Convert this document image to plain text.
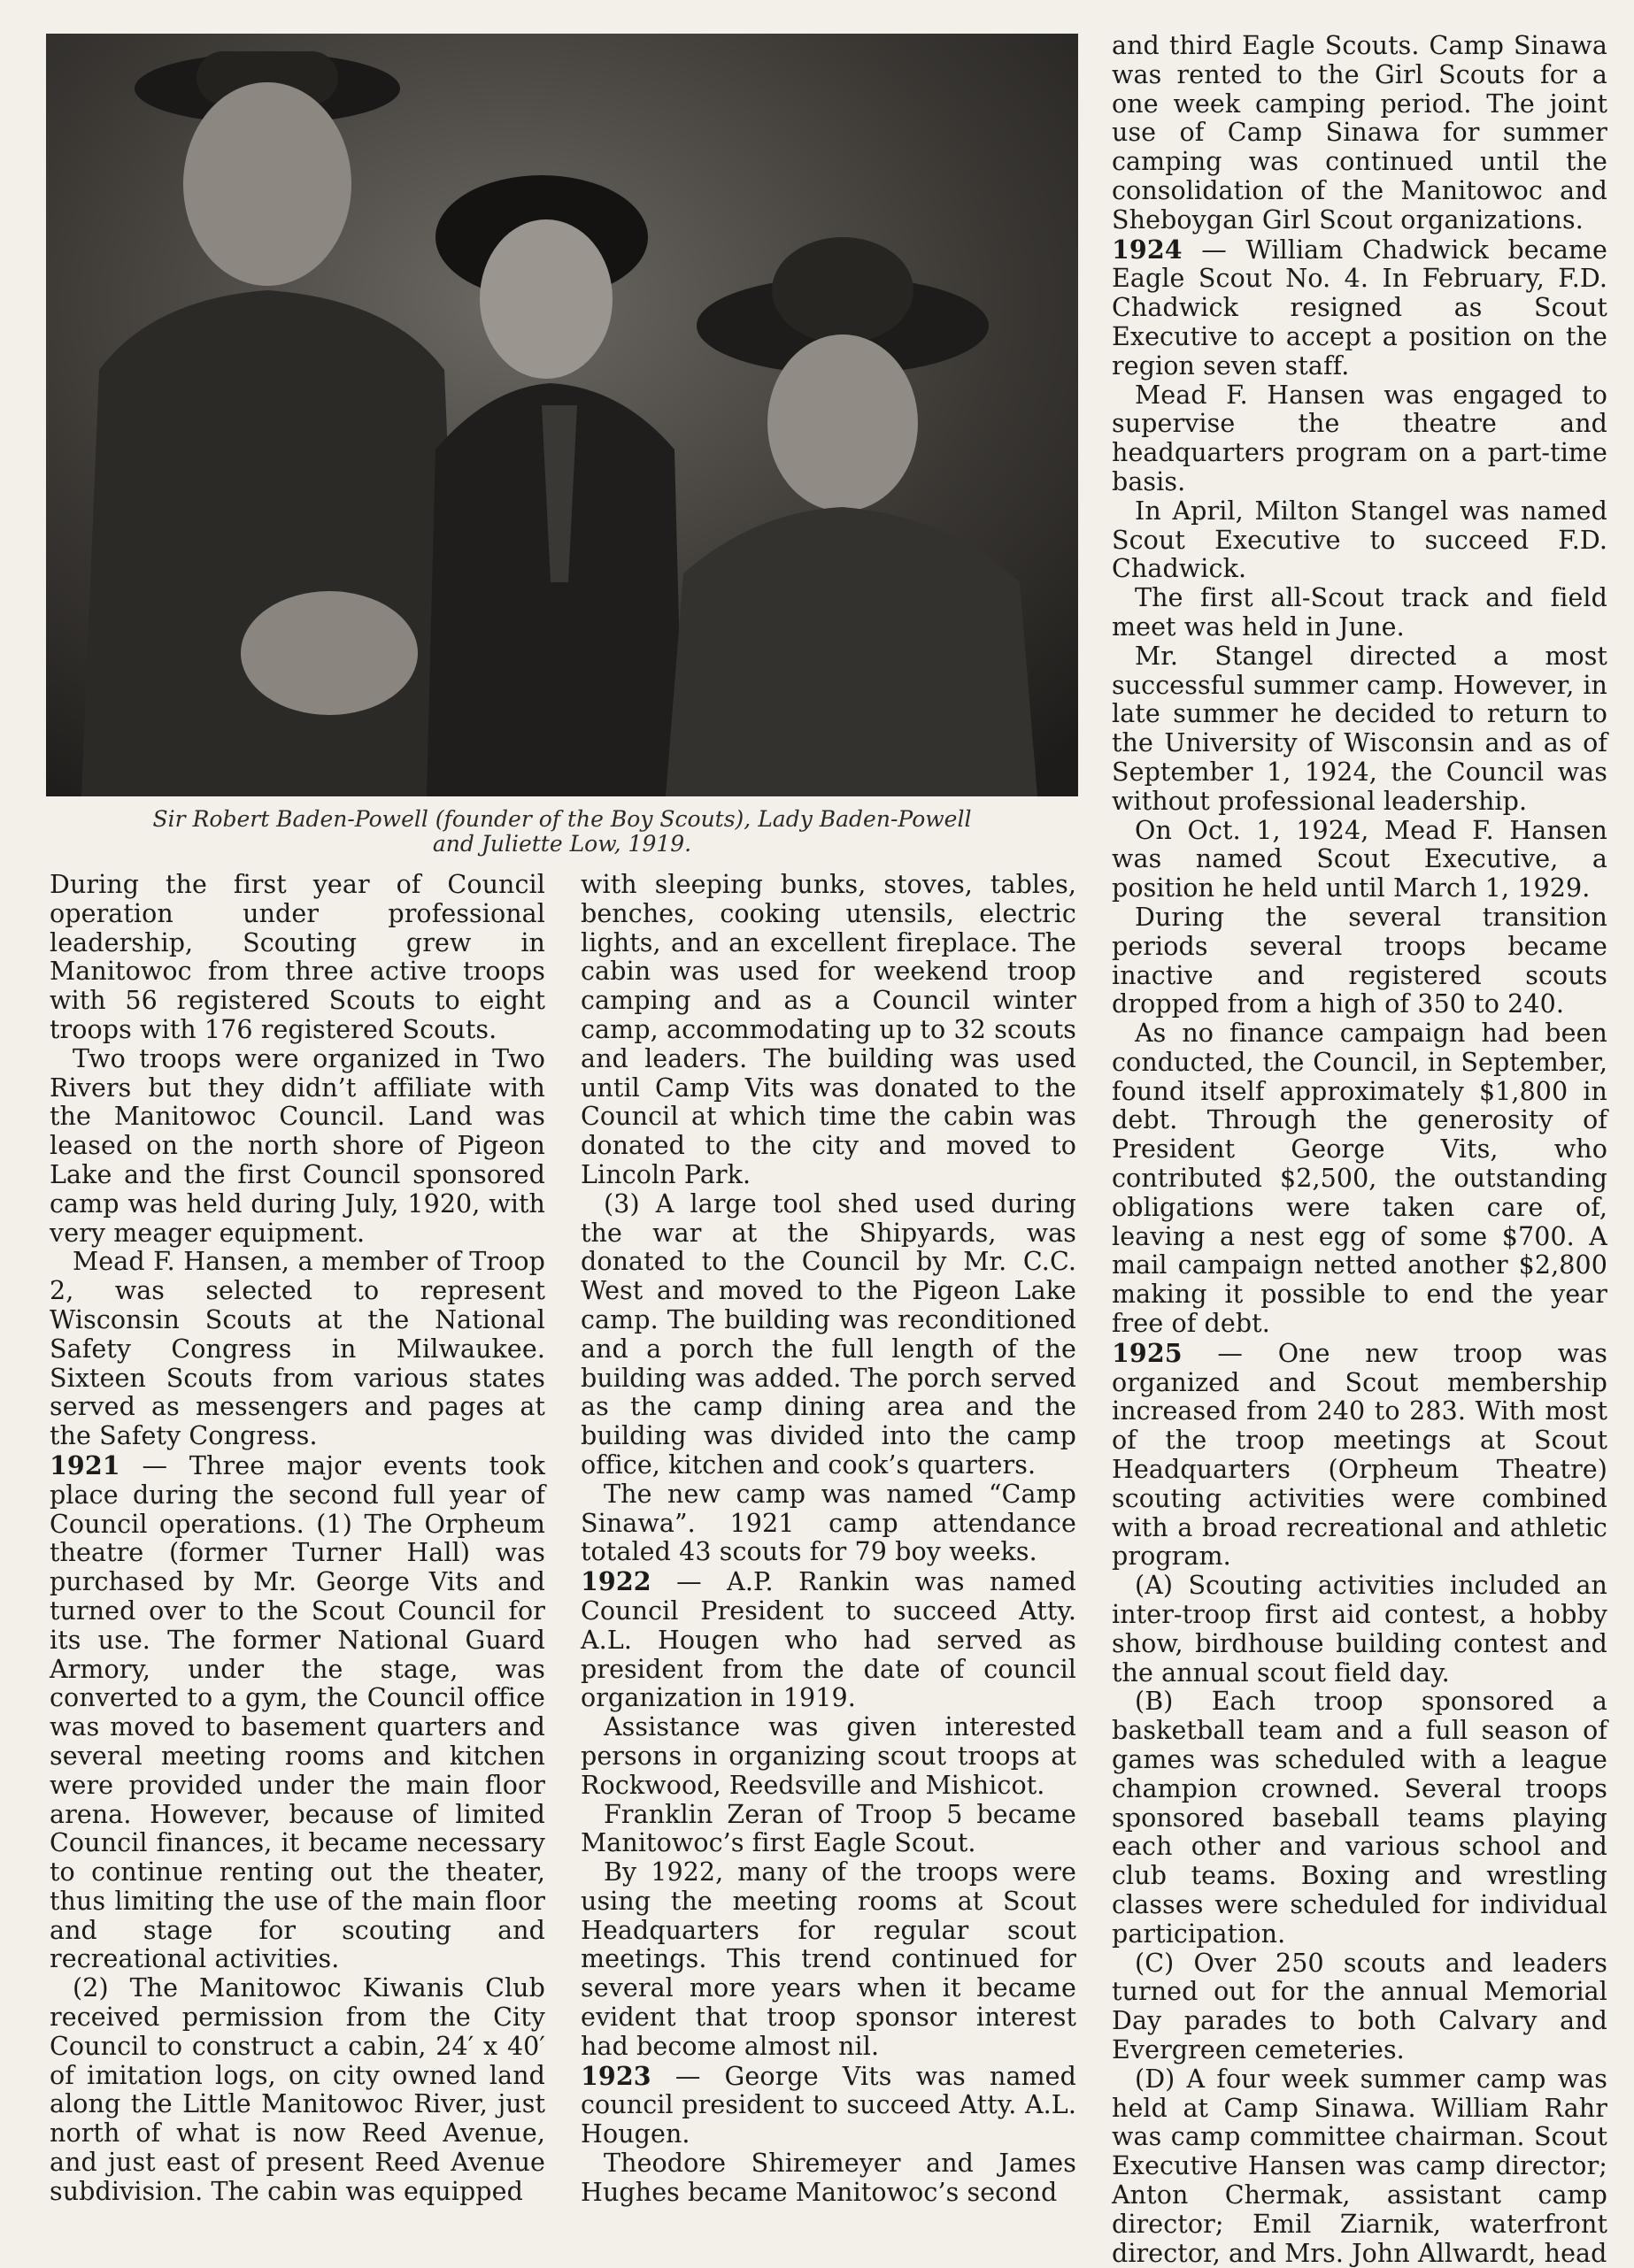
Sir Robert Baden-Powell (founder of the Boy Scouts), Lady Baden-Powell
and Juliette Low, 1919.

During the first year of Council operation under professional leadership, Scouting grew in Manitowoc from three active troops with 56 registered Scouts to eight troops with 176 registered Scouts.

Two troops were organized in Two Rivers but they didn’t affiliate with the Manitowoc Council. Land was leased on the north shore of Pigeon Lake and the first Council sponsored camp was held during July, 1920, with very meager equipment.

Mead F. Hansen, a member of Troop 2, was selected to represent Wisconsin Scouts at the National Safety Congress in Milwaukee. Sixteen Scouts from various states served as messengers and pages at the Safety Congress.

1921 — Three major events took place during the second full year of Council operations. (1) The Orpheum theatre (former Turner Hall) was purchased by Mr. George Vits and turned over to the Scout Council for its use. The former National Guard Armory, under the stage, was converted to a gym, the Council office was moved to basement quarters and several meeting rooms and kitchen were provided under the main floor arena. However, because of limited Council finances, it became necessary to continue renting out the theater, thus limiting the use of the main floor and stage for scouting and recreational activities.

(2) The Manitowoc Kiwanis Club received permission from the City Council to construct a cabin, 24′ x 40′ of imitation logs, on city owned land along the Little Manitowoc River, just north of what is now Reed Avenue, and just east of present Reed Avenue subdivision. The cabin was equipped

with sleeping bunks, stoves, tables, benches, cooking utensils, electric lights, and an excellent fireplace. The cabin was used for weekend troop camping and as a Council winter camp, accommodating up to 32 scouts and leaders. The building was used until Camp Vits was donated to the Council at which time the cabin was donated to the city and moved to Lincoln Park.

(3) A large tool shed used during the war at the Shipyards, was donated to the Council by Mr. C.C. West and moved to the Pigeon Lake camp. The building was reconditioned and a porch the full length of the building was added. The porch served as the camp dining area and the building was divided into the camp office, kitchen and cook’s quarters.

The new camp was named “Camp Sinawa”. 1921 camp attendance totaled 43 scouts for 79 boy weeks.

1922 — A.P. Rankin was named Council President to succeed Atty. A.L. Hougen who had served as president from the date of council organization in 1919.

Assistance was given interested persons in organizing scout troops at Rockwood, Reedsville and Mishicot.

Franklin Zeran of Troop 5 became Manitowoc’s first Eagle Scout.

By 1922, many of the troops were using the meeting rooms at Scout Headquarters for regular scout meetings. This trend continued for several more years when it became evident that troop sponsor interest had become almost nil.

1923 — George Vits was named council president to succeed Atty. A.L. Hougen.

Theodore Shiremeyer and James Hughes became Manitowoc’s second

and third Eagle Scouts. Camp Sinawa was rented to the Girl Scouts for a one week camping period. The joint use of Camp Sinawa for summer camping was continued until the consolidation of the Manitowoc and Sheboygan Girl Scout organizations.

1924 — William Chadwick became Eagle Scout No. 4. In February, F.D. Chadwick resigned as Scout Executive to accept a position on the region seven staff.

Mead F. Hansen was engaged to supervise the theatre and headquarters program on a part-time basis.

In April, Milton Stangel was named Scout Executive to succeed F.D. Chadwick.

The first all-Scout track and field meet was held in June.

Mr. Stangel directed a most successful summer camp. However, in late summer he decided to return to the University of Wisconsin and as of September 1, 1924, the Council was without professional leadership.

On Oct. 1, 1924, Mead F. Hansen was named Scout Executive, a position he held until March 1, 1929.

During the several transition periods several troops became inactive and registered scouts dropped from a high of 350 to 240.

As no finance campaign had been conducted, the Council, in September, found itself approximately $1,800 in debt. Through the generosity of President George Vits, who contributed $2,500, the outstanding obligations were taken care of, leaving a nest egg of some $700. A mail campaign netted another $2,800 making it possible to end the year free of debt.

1925 — One new troop was organized and Scout membership increased from 240 to 283. With most of the troop meetings at Scout Headquarters (Orpheum Theatre) scouting activities were combined with a broad recreational and athletic program.

(A) Scouting activities included an inter-troop first aid contest, a hobby show, birdhouse building contest and the annual scout field day.

(B) Each troop sponsored a basketball team and a full season of games was scheduled with a league champion crowned. Several troops sponsored baseball teams playing each other and various school and club teams. Boxing and wrestling classes were scheduled for individual participation.

(C) Over 250 scouts and leaders turned out for the annual Memorial Day parades to both Calvary and Evergreen cemeteries.

(D) A four week summer camp was held at Camp Sinawa. William Rahr was camp committee chairman. Scout Executive Hansen was camp director; Anton Chermak, assistant camp director; Emil Ziarnik, waterfront director, and Mrs. John Allwardt, head
